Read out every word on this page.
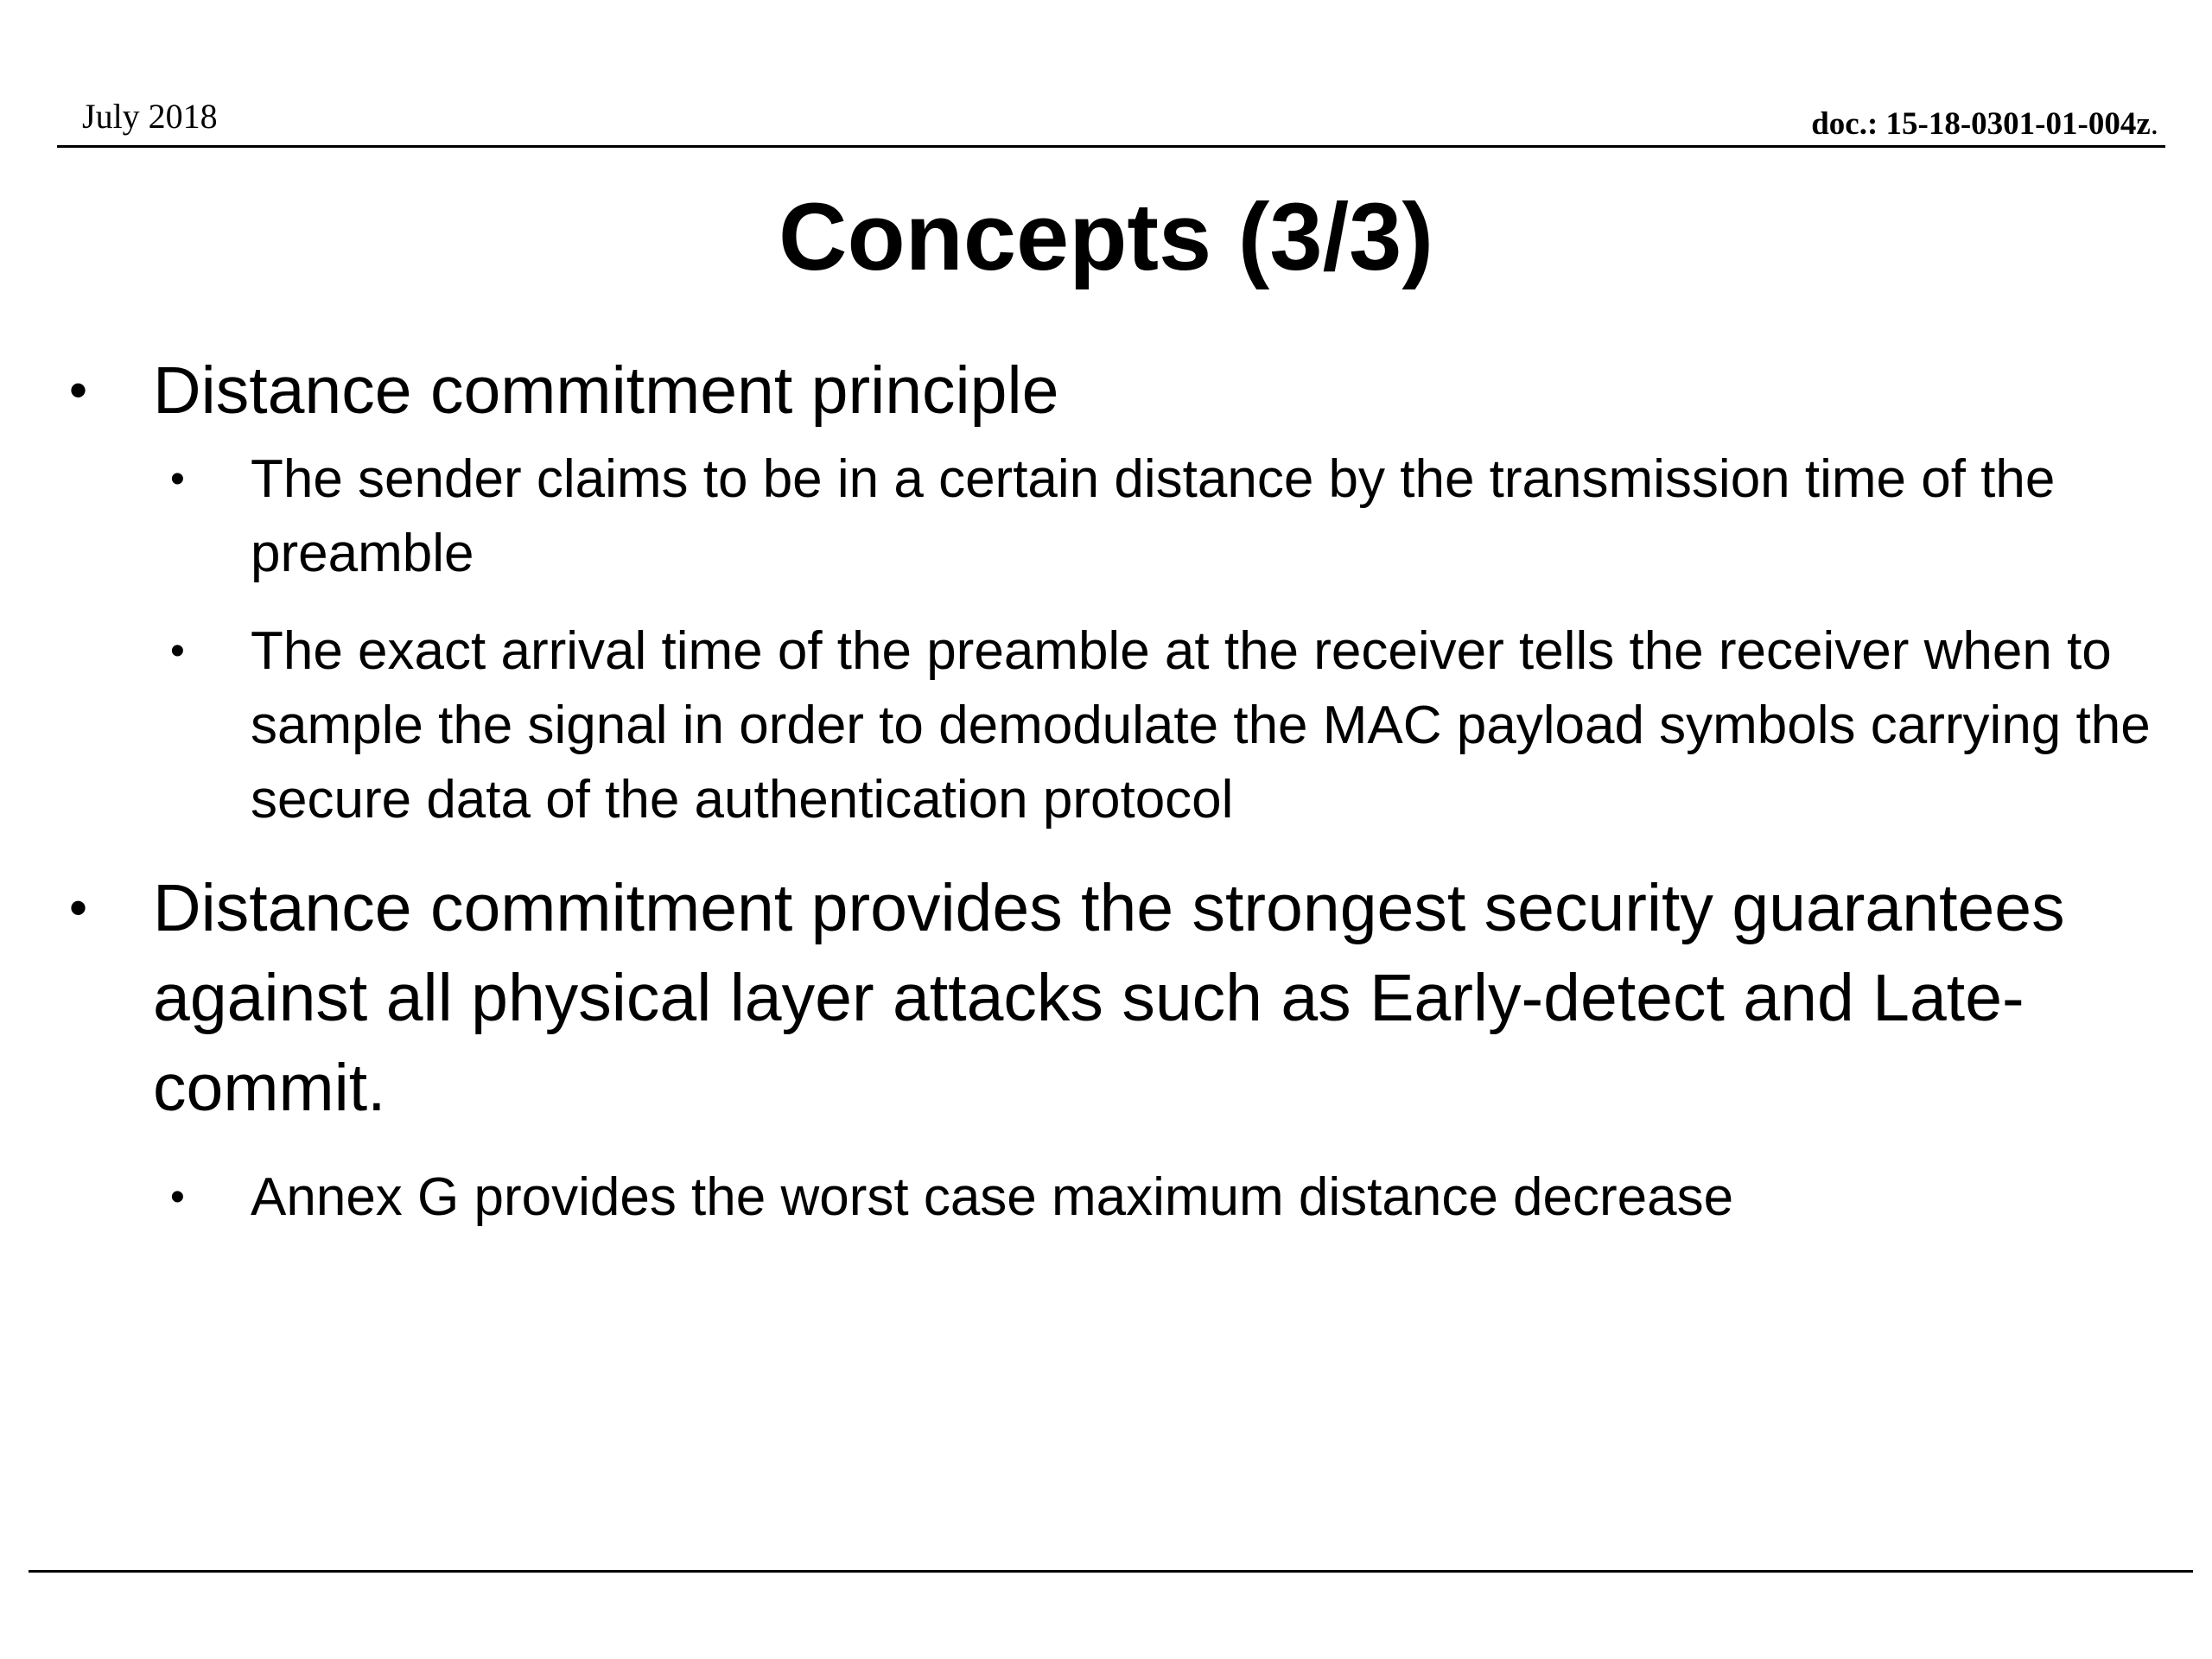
July 2018	doc.: 15-18-0301-01-004z.
Concepts (3/3)
• Distance commitment principle
• The sender claims to be in a certain distance by the transmission time of the preamble
• The exact arrival time of the preamble at the receiver tells the receiver when to sample the signal in order to demodulate the MAC payload symbols carrying the secure data of the authentication protocol
• Distance commitment provides the strongest security guarantees against all physical layer attacks such as Early-detect and Late-commit.
• Annex G provides the worst case maximum distance decrease
